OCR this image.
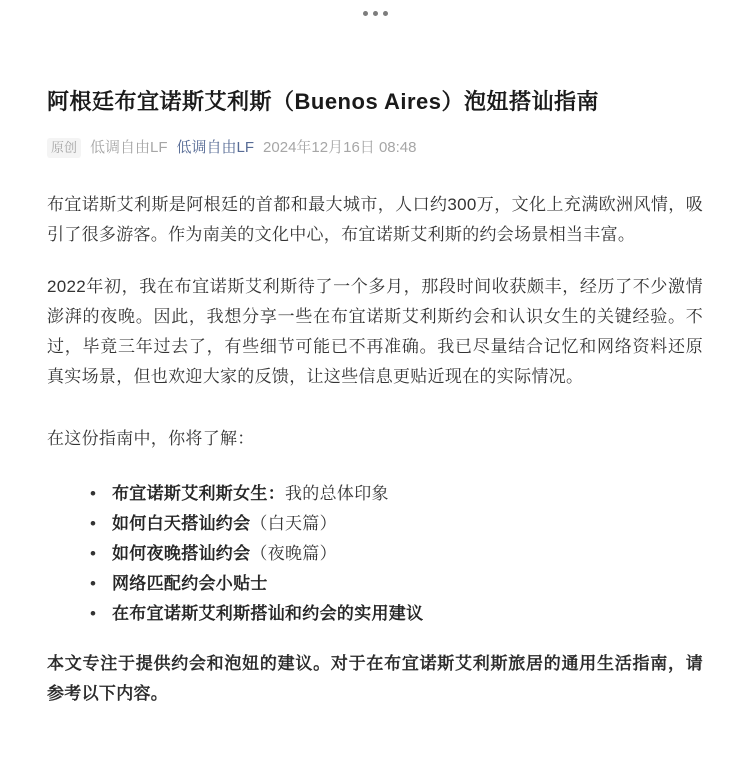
阿根廷布宜诺斯艾利斯（Buenos Aires）泡妞搭讪指南
原创 低调自由LF 低调自由LF 2024年12月16日 08:48

布宜诺斯艾利斯是阿根廷的首都和最大城市，人口约300万，文化上充满欧洲风情，吸引了很多游客。作为南美的文化中心，布宜诺斯艾利斯的约会场景相当丰富。

2022年初，我在布宜诺斯艾利斯待了一个多月，那段时间收获颇丰，经历了不少激情澎湃的夜晚。因此，我想分享一些在布宜诺斯艾利斯约会和认识女生的关键经验。不过，毕竟三年过去了，有些细节可能已不再准确。我已尽量结合记忆和网络资料还原真实场景，但也欢迎大家的反馈，让这些信息更贴近现在的实际情况。

在这份指南中，你将了解：

• 布宜诺斯艾利斯女生：我的总体印象
• 如何白天搭讪约会（白天篇）
• 如何夜晚搭讪约会（夜晚篇）
• 网络匹配约会小贴士
• 在布宜诺斯艾利斯搭讪和约会的实用建议

本文专注于提供约会和泡妞的建议。对于在布宜诺斯艾利斯旅居的通用生活指南，请参考以下内容。
